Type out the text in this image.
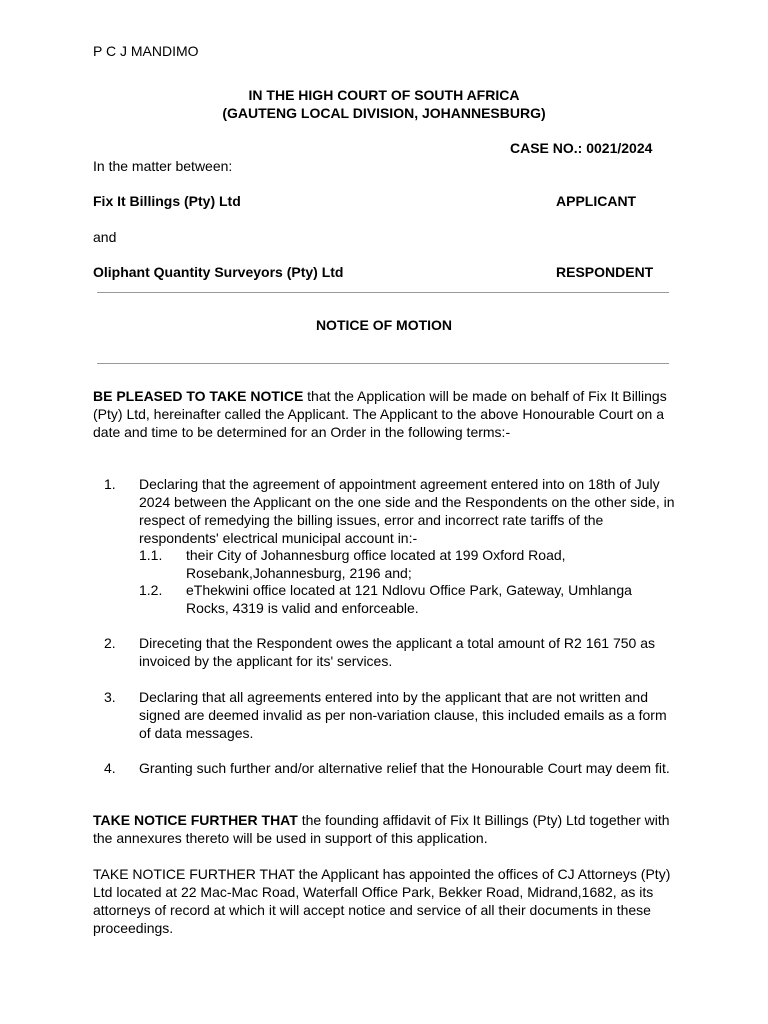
P C J MANDIMO
IN THE HIGH COURT OF SOUTH AFRICA
(GAUTENG LOCAL DIVISION, JOHANNESBURG)
CASE NO.: 0021/2024
In the matter between:
Fix It Billings (Pty) Ltd	APPLICANT
and
Oliphant Quantity Surveyors (Pty) Ltd	RESPONDENT
NOTICE OF MOTION
BE PLEASED TO TAKE NOTICE that the Application will be made on behalf of Fix It Billings (Pty) Ltd, hereinafter called the Applicant. The Applicant to the above Honourable Court on a date and time to be determined for an Order in the following terms:-
1. Declaring that the agreement of appointment agreement entered into on 18th of July 2024 between the Applicant on the one side and the Respondents on the other side, in respect of remedying the billing issues, error and incorrect rate tariffs of the respondents' electrical municipal account in:-
1.1. their City of Johannesburg office located at 199 Oxford Road, Rosebank,Johannesburg, 2196 and;
1.2. eThekwini office located at 121 Ndlovu Office Park, Gateway, Umhlanga Rocks, 4319 is valid and enforceable.
2. Direceting that the Respondent owes the applicant a total amount of R2 161 750 as invoiced by the applicant for its' services.
3. Declaring that all agreements entered into by the applicant that are not written and signed are deemed invalid as per non-variation clause, this included emails as a form of data messages.
4. Granting such further and/or alternative relief that the Honourable Court may deem fit.
TAKE NOTICE FURTHER THAT the founding affidavit of Fix It Billings (Pty) Ltd together with the annexures thereto will be used in support of this application.
TAKE NOTICE FURTHER THAT the Applicant has appointed the offices of CJ Attorneys (Pty) Ltd located at 22 Mac-Mac Road, Waterfall Office Park, Bekker Road, Midrand,1682, as its attorneys of record at which it will accept notice and service of all their documents in these proceedings.
